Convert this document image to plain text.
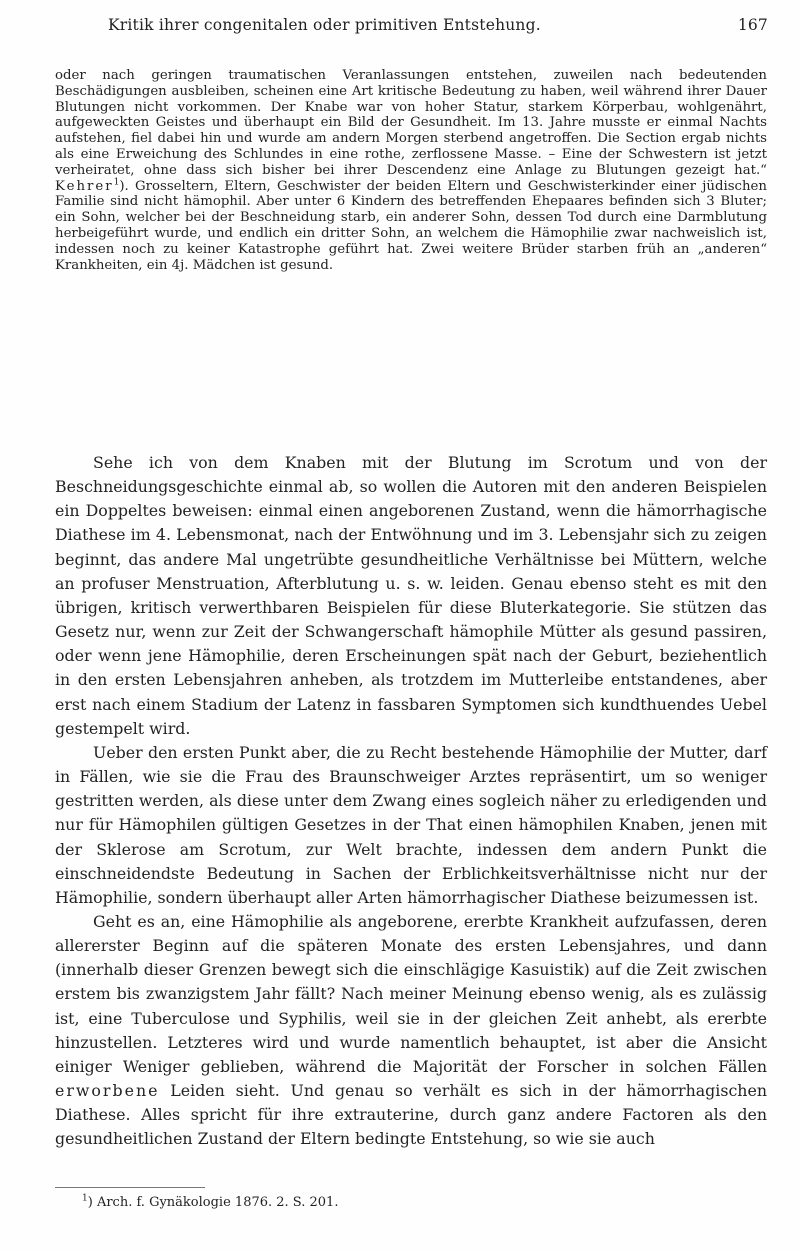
Kritik ihrer congenitalen oder primitiven Entstehung.	167

oder nach geringen traumatischen Veranlassungen entstehen, zuweilen nach bedeutenden Beschädigungen ausbleiben, scheinen eine Art kritische Bedeutung zu haben, weil während ihrer Dauer Blutungen nicht vorkommen. Der Knabe war von hoher Statur, starkem Körperbau, wohlgenährt, aufgeweckten Geistes und überhaupt ein Bild der Gesundheit. Im 13. Jahre musste er einmal Nachts aufstehen, fiel dabei hin und wurde am andern Morgen sterbend angetroffen. Die Section ergab nichts als eine Erweichung des Schlundes in eine rothe, zerflossene Masse. – Eine der Schwestern ist jetzt verheiratet, ohne dass sich bisher bei ihrer Descendenz eine Anlage zu Blutungen gezeigt hat.“ Kehrer$^1$). Grosseltern, Eltern, Geschwister der beiden Eltern und Geschwisterkinder einer jüdischen Familie sind nicht hämophil. Aber unter 6 Kindern des betreffenden Ehepaares befinden sich 3 Bluter; ein Sohn, welcher bei der Beschneidung starb, ein anderer Sohn, dessen Tod durch eine Darmblutung herbeigeführt wurde, und endlich ein dritter Sohn, an welchem die Hämophilie zwar nachweislich ist, indessen noch zu keiner Katastrophe geführt hat. Zwei weitere Brüder starben früh an „anderen“ Krankheiten, ein 4j. Mädchen ist gesund.

Sehe ich von dem Knaben mit der Blutung im Scrotum und von der Beschneidungsgeschichte einmal ab, so wollen die Autoren mit den anderen Beispielen ein Doppeltes beweisen: einmal einen angeborenen Zustand, wenn die hämorrhagische Diathese im 4. Lebensmonat, nach der Entwöhnung und im 3. Lebensjahr sich zu zeigen beginnt, das andere Mal ungetrübte gesundheitliche Verhältnisse bei Müttern, welche an profuser Menstruation, Afterblutung u. s. w. leiden. Genau ebenso steht es mit den übrigen, kritisch verwerthbaren Beispielen für diese Bluterkategorie. Sie stützen das Gesetz nur, wenn zur Zeit der Schwangerschaft hämophile Mütter als gesund passiren, oder wenn jene Hämophilie, deren Erscheinungen spät nach der Geburt, beziehentlich in den ersten Lebensjahren anheben, als trotzdem im Mutterleibe entstandenes, aber erst nach einem Stadium der Latenz in fassbaren Symptomen sich kundthuendes Uebel gestempelt wird.

Ueber den ersten Punkt aber, die zu Recht bestehende Hämophilie der Mutter, darf in Fällen, wie sie die Frau des Braunschweiger Arztes repräsentirt, um so weniger gestritten werden, als diese unter dem Zwang eines sogleich näher zu erledigenden und nur für Hämophilen gültigen Gesetzes in der That einen hämophilen Knaben, jenen mit der Sklerose am Scrotum, zur Welt brachte, indessen dem andern Punkt die einschneidendste Bedeutung in Sachen der Erblichkeitsverhältnisse nicht nur der Hämophilie, sondern überhaupt aller Arten hämorrhagischer Diathese beizumessen ist.

Geht es an, eine Hämophilie als angeborene, ererbte Krankheit aufzufassen, deren allererster Beginn auf die späteren Monate des ersten Lebensjahres, und dann (innerhalb dieser Grenzen bewegt sich die einschlägige Kasuistik) auf die Zeit zwischen erstem bis zwanzigstem Jahr fällt? Nach meiner Meinung ebenso wenig, als es zulässig ist, eine Tuberculose und Syphilis, weil sie in der gleichen Zeit anhebt, als ererbte hinzustellen. Letzteres wird und wurde namentlich behauptet, ist aber die Ansicht einiger Weniger geblieben, während die Majorität der Forscher in solchen Fällen erworbene Leiden sieht. Und genau so verhält es sich in der hämorrhagischen Diathese. Alles spricht für ihre extrauterine, durch ganz andere Factoren als den gesundheitlichen Zustand der Eltern bedingte Entstehung, so wie sie auch

$^1$) Arch. f. Gynäkologie 1876. 2. S. 201.
